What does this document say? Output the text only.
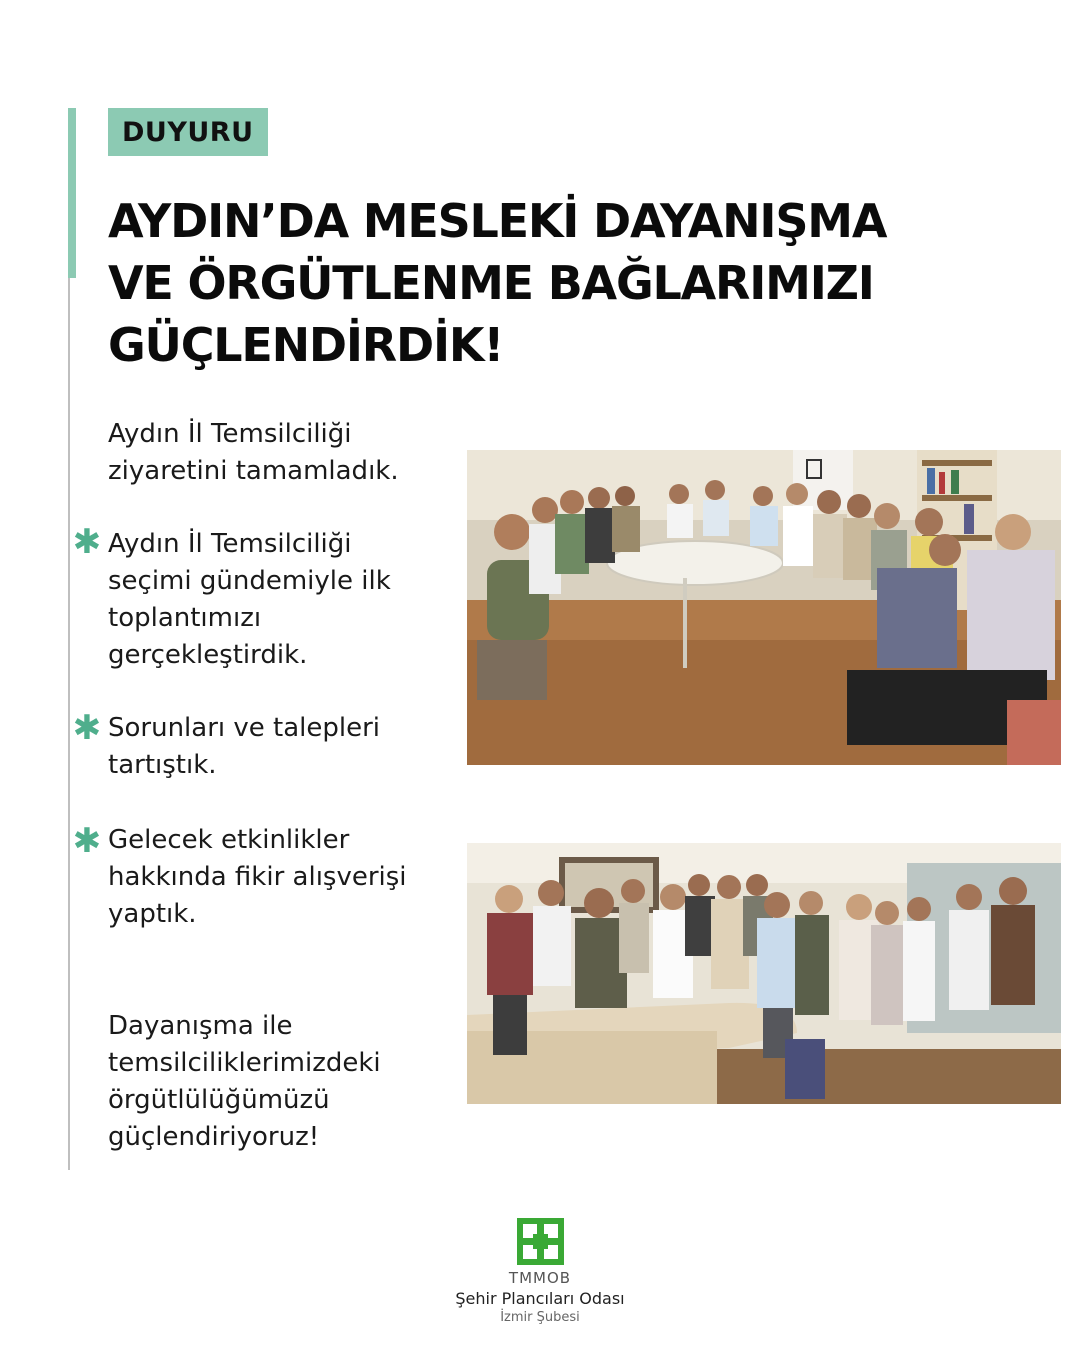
DUYURU
AYDIN’DA MESLEKİ DAYANIŞMA
VE ÖRGÜTLENME BAĞLARIMIZI
GÜÇLENDİRDİK!
Aydın İl Temsilciliği
ziyaretini tamamladık.
✱ Aydın İl Temsilciliği
seçimi gündemiyle ilk
toplantımızı
gerçekleştirdik.
✱ Sorunları ve talepleri
tartıştık.
✱ Gelecek etkinlikler
hakkında fikir alışverişi
yaptık.
Dayanışma ile
temsilciliklerimizdeki
örgütlülüğümüzü
güçlendiriyoruz!
TMMOB
Şehir Plancıları Odası
İzmir Şubesi
